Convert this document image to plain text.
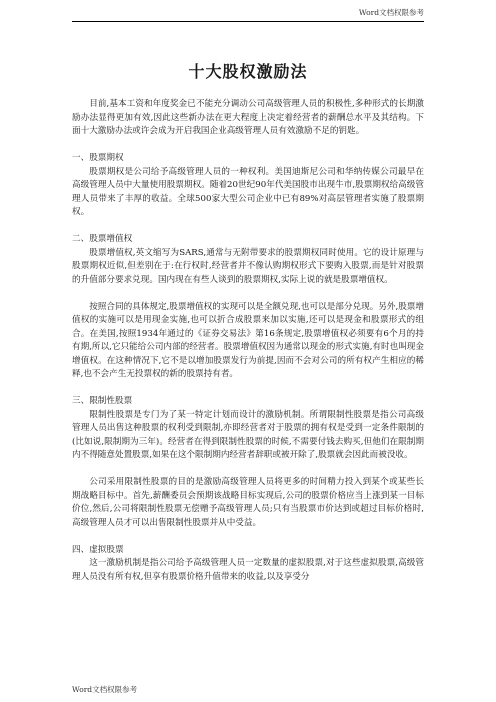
Word文档权限参考
十大股权激励法

目前,基本工资和年度奖金已不能充分调动公司高级管理人员的积极性,多种形式的长期激励办法显得更加有效,因此这些新办法在更大程度上决定着经营者的薪酬总水平及其结构。下面十大激励办法或许会成为开启我国企业高级管理人员有效激励不足的钥匙。

一、股票期权

股票期权是公司给予高级管理人员的一种权利。美国迪斯尼公司和华纳传媒公司最早在高级管理人员中大量使用股票期权。随着20世纪90年代美国股市出现牛市,股票期权给高级管理人员带来了丰厚的收益。全球500家大型公司企业中已有89%对高层管理者实施了股票期权。

二、股票增值权

股票增值权,英文缩写为SARS,通常与无附带要求的股票期权同时使用。它的设计原理与股票期权近似,但差别在于:在行权时,经营者并不像认购期权形式下要购入股票,而是针对股票的升值部分要求兑现。国内现在有些人谈到的股票期权,实际上说的就是股票增值权。

按照合同的具体规定,股票增值权的实现可以是全额兑现,也可以是部分兑现。另外,股票增值权的实施可以是用现金实施,也可以折合成股票来加以实施,还可以是现金和股票形式的组合。在美国,按照1934年通过的《证券交易法》第16条规定,股票增值权必须要有6个月的持有期,所以,它只能给公司内部的经营者。股票增值权因为通常以现金的形式实施,有时也叫现金增值权。在这种情况下,它不是以增加股票发行为前提,因而不会对公司的所有权产生相应的稀释,也不会产生无投票权的新的股票持有者。

三、限制性股票

限制性股票是专门为了某一特定计划而设计的激励机制。所谓限制性股票是指公司高级管理人员出售这种股票的权利受到限制,亦即经营者对于股票的拥有权是受到一定条件限制的(比如说,限制期为三年)。经营者在得到限制性股票的时候,不需要付钱去购买,但他们在限制期内不得随意处置股票,如果在这个限制期内经营者辞职或被开除了,股票就会因此而被没收。

公司采用限制性股票的目的是激励高级管理人员将更多的时间精力投入到某个或某些长期战略目标中。首先,薪酬委员会预期该战略目标实现后,公司的股票价格应当上涨到某一目标价位,然后,公司将限制性股票无偿赠予高级管理人员;只有当股票市价达到或超过目标价格时,高级管理人员才可以出售限制性股票并从中受益。

四、虚拟股票

这一激励机制是指公司给予高级管理人员一定数量的虚拟股票,对于这些虚拟股票,高级管理人员没有所有权,但享有股票价格升值带来的收益,以及享受分

Word文档权限参考
